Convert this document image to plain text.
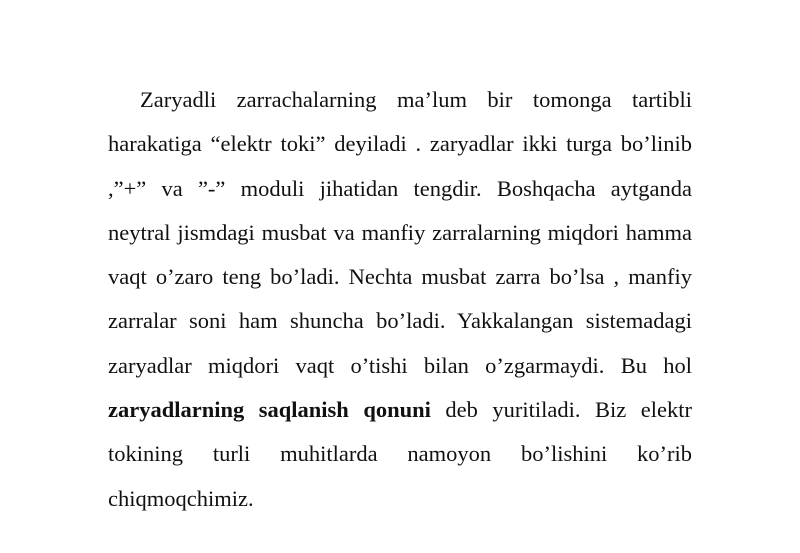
Zaryadli zarrachalarning ma’lum bir tomonga tartibli harakatiga “elektr toki” deyiladi . zaryadlar ikki turga bo’linib ,”+” va ”-” moduli jihatidan tengdir. Boshqacha aytganda neytral jismdagi musbat va manfiy zarralarning miqdori hamma vaqt o’zaro teng bo’ladi. Nechta musbat zarra bo’lsa , manfiy zarralar soni ham shuncha bo’ladi. Yakkalangan sistemadagi zaryadlar miqdori vaqt o’tishi bilan o’zgarmaydi. Bu hol zaryadlarning saqlanish qonuni deb yuritiladi. Biz elektr tokining turli muhitlarda namoyon bo’lishini ko’rib chiqmoqchimiz.
